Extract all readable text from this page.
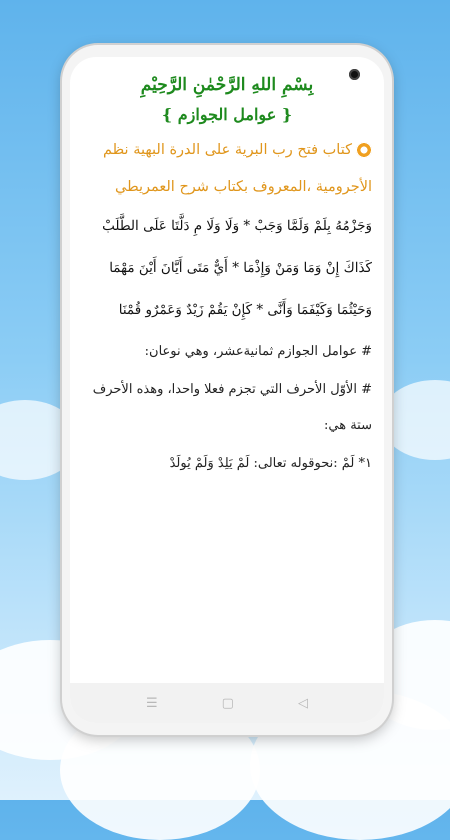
بِسْمِ اللهِ الرَّحْمٰنِ الرَّحِيْمِ

{ عوامل الجوازم }

كتاب فتح رب البرية على الدرة البهية نظم الأجرومية ،المعروف بكتاب شرح العمريطي

وَجَزْمُهُ بِلَمْ وَلَمَّا وَجَبْ * وَلَا وَلَا مِ دَلَّتَا عَلَى الطَّلَبْ

كَذَاكَ إِنْ وَمَا وَمَنْ وَإِذْمَا * أَيٌّ مَتَى أَيَّانَ أَيْنَ مَهْمَا

وَحَيْثُمَا وَكَيْفَمَا وَأَنَّى * كَإِنْ يَقُمْ زَيْدٌ وَعَمْرٌو قُمْنَا

# عوامل الجوازم ثمانيةعشر، وهي نوعان:

# الأوّل الأحرف التي تجزم فعلا واحدا، وهذه الأحرف ستة هي:

١* لَمْ :نحوقوله تعالى: لَمْ يَلِدْ وَلَمْ يُولَدْ

☰	▢	◁
